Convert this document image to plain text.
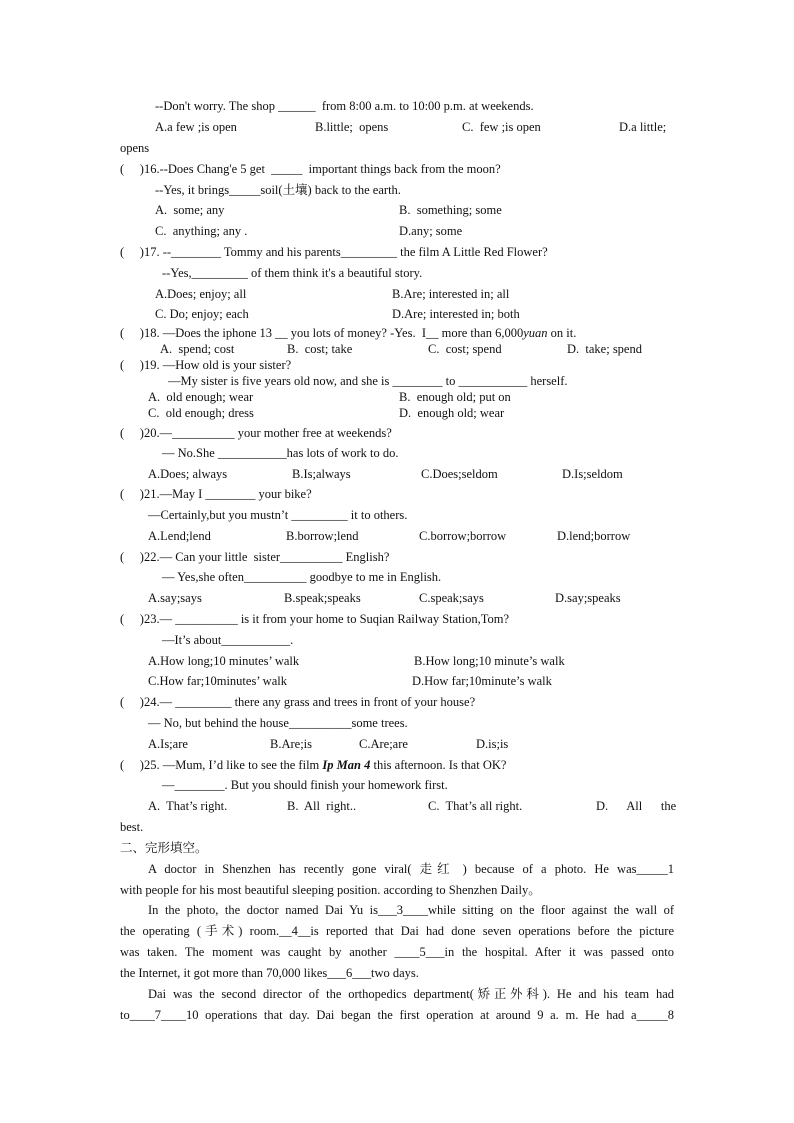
--Don't worry. The shop ______  from 8:00 a.m. to 10:00 p.m. at weekends.
A.a few ;is open	B.little;  opens	C.  few ;is open	D.a little;
opens
(     )16.--Does Chang'e 5 get  _____  important things back from the moon?
--Yes, it brings_____soil(土壤) back to the earth.
A.  some; any	B.  something; some
C.  anything; any .	D.any; some
(     )17. --________ Tommy and his parents_________ the film A Little Red Flower?
--Yes,_________ of them think it's a beautiful story.
A.Does; enjoy; all	B.Are; interested in; all
C. Do; enjoy; each	D.Are; interested in; both
(     )18. —Does the iphone 13 __ you lots of money? -Yes.  I__ more than 6,000yuan on it.
A.  spend; cost	B.  cost; take	C.  cost; spend	D.  take; spend
(     )19. —How old is your sister?
—My sister is five years old now, and she is ________ to ___________ herself.
A.  old enough; wear	B.  enough old; put on
C.  old enough; dress	D.  enough old; wear
(     )20.—__________ your mother free at weekends?
— No.She ___________has lots of work to do.
A.Does; always	B.Is;always	C.Does;seldom	D.Is;seldom
(     )21.—May I ________ your bike?
—Certainly,but you mustn’t _________ it to others.
A.Lend;lend	B.borrow;lend	C.borrow;borrow	D.lend;borrow
(     )22.— Can your little  sister__________ English?
— Yes,she often__________ goodbye to me in English.
A.say;says	B.speak;speaks	C.speak;says	D.say;speaks
(     )23.— __________ is it from your home to Suqian Railway Station,Tom?
—It’s about___________.
A.How long;10 minutes’ walk	B.How long;10 minute’s walk
C.How far;10minutes’ walk	D.How far;10minute’s walk
(     )24.— _________ there any grass and trees in front of your house?
— No, but behind the house__________some trees.
A.Is;are	B.Are;is	C.Are;are	D.is;is
(     )25. —Mum, I’d like to see the film Ip Man 4 this afternoon. Is that OK?
—________. But you should finish your homework first.
A.  That’s right.	B.  All  right..	C.  That’s all right.	D.      All      the
best.
二、完形填空。
A doctor in Shenzhen has recently gone viral( 走红 ) because of a photo. He was_____1
with people for his most beautiful sleeping position. according to Shenzhen Daily。
In the photo, the doctor named Dai Yu is___3____while sitting on the floor against the wall of
the operating (手术) room.__4__is reported that Dai had done seven operations before the picture
was taken. The moment was caught by another ____5___in the hospital. After it was passed onto
the Internet, it got more than 70,000 likes___6___two days.
Dai was the second director of the orthopedics department(矫正外科). He and his team had
to____7____10 operations that day. Dai began the first operation at around 9 a. m. He had a_____8
